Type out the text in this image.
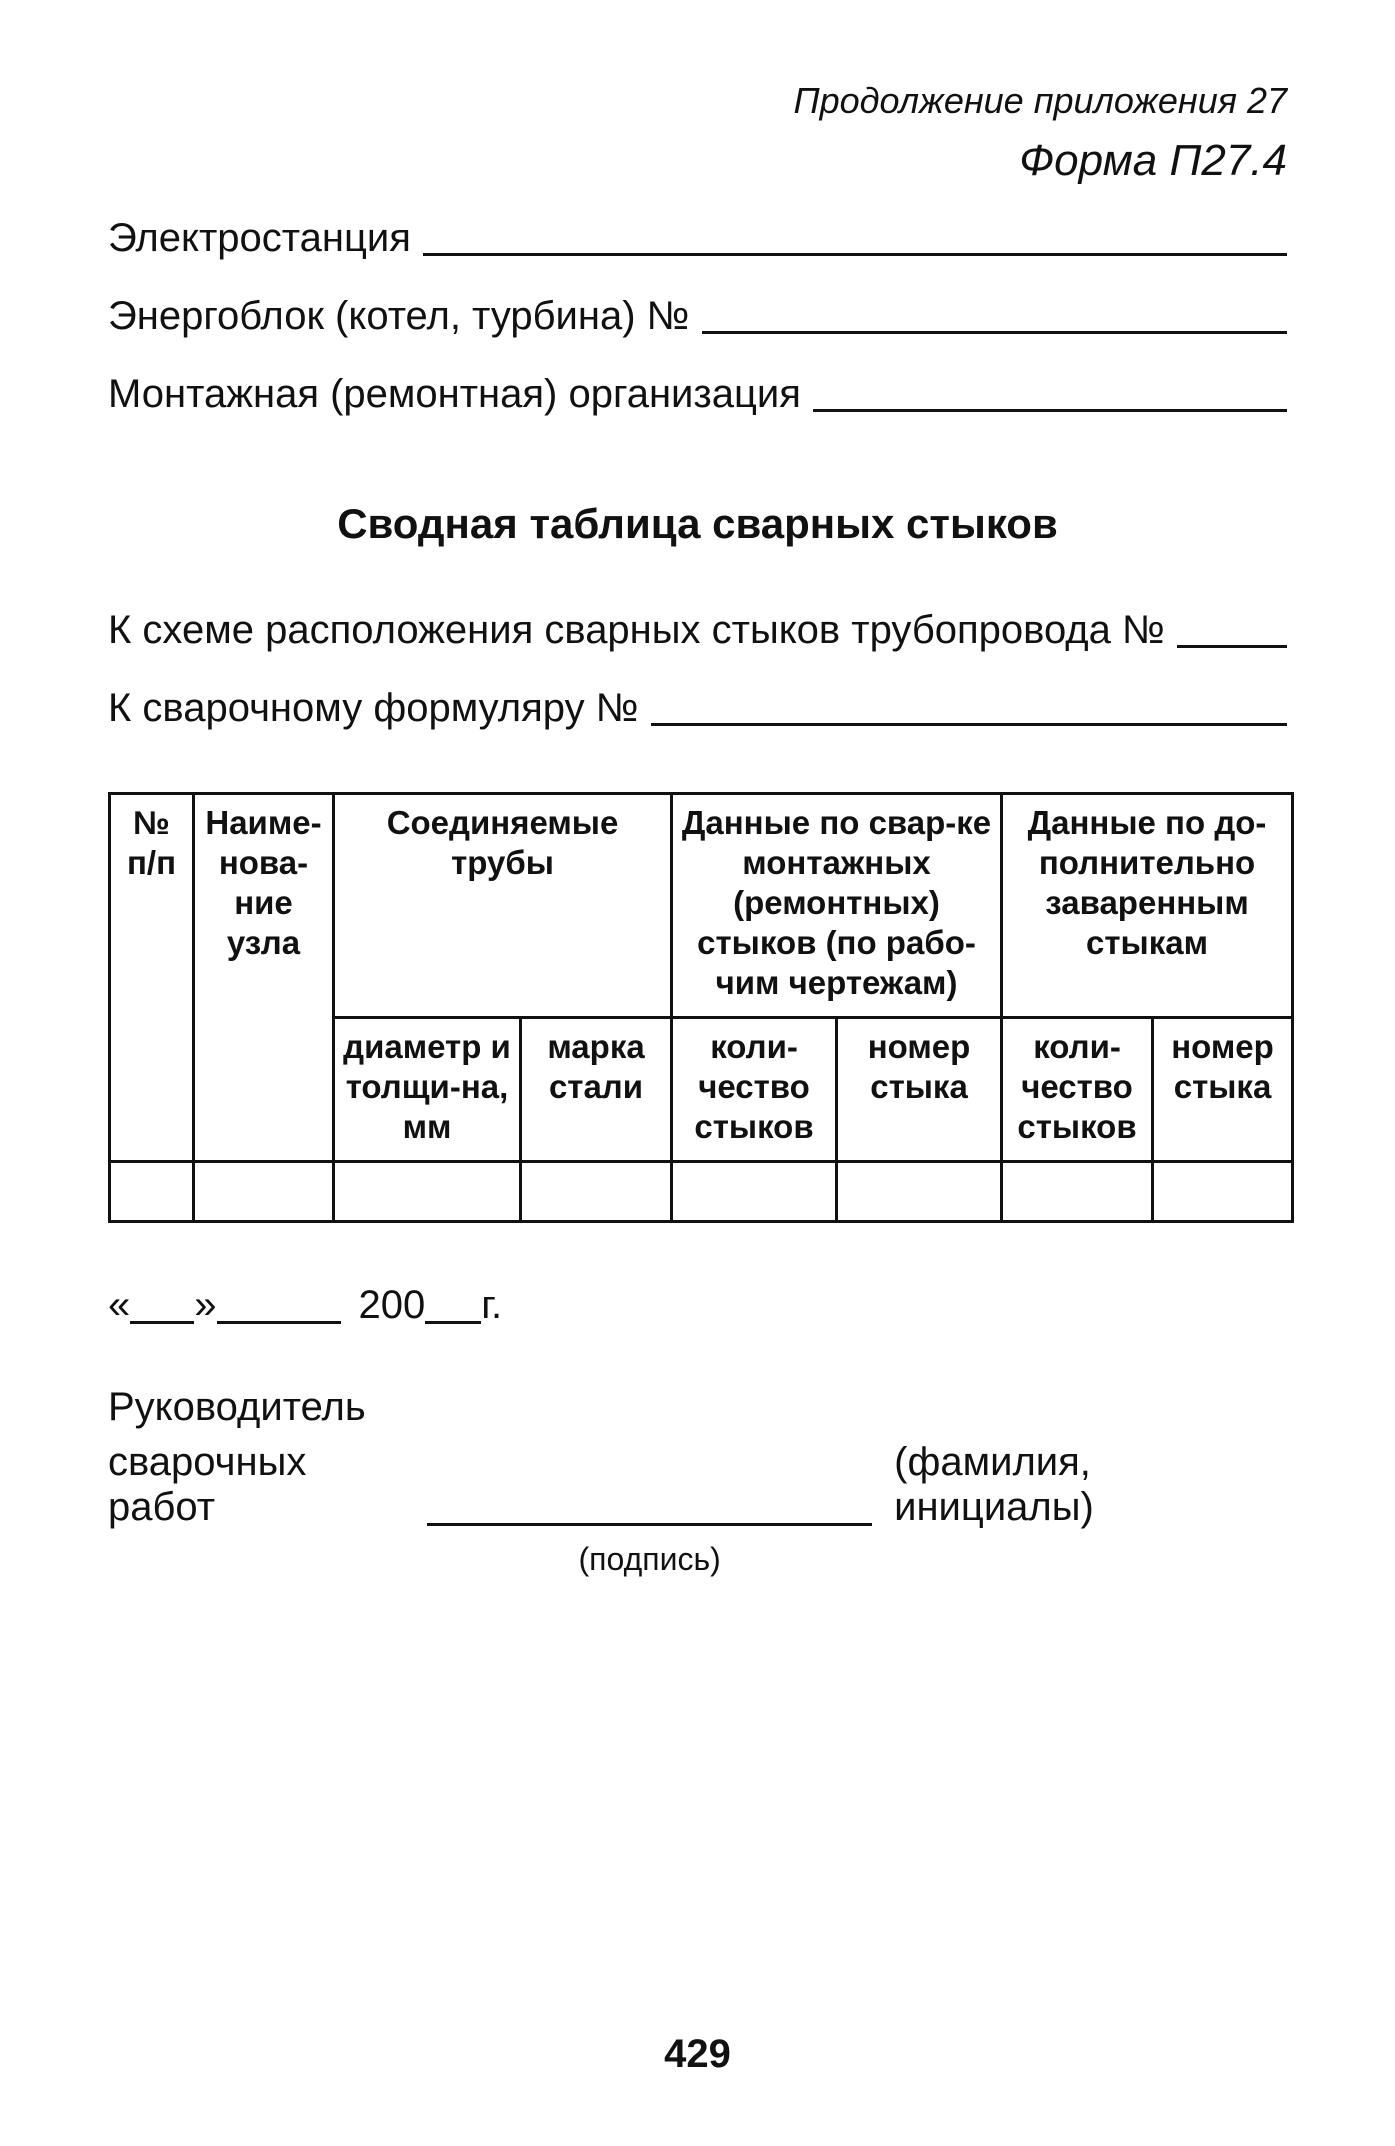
Продолжение приложения 27
Форма П27.4
Электростанция
Энергоблок (котел, турбина) №
Монтажная (ремонтная) организация
Сводная таблица сварных стыков
К схеме расположения сварных стыков трубопровода №
К сварочному формуляру №
№ п/п	Наиме-нова-ние узла	Соединяемые трубы		Данные по свар-кe монтажных (ремонтных) стыков (по рабо-чим чертежам)		Данные по до-полнительно заваренным стыкам	
		диаметр и толщи-на, мм	марка стали	коли-чество стыков	номер стыка	коли-чество стыков	номер стыка

« »	200 г.
Руководитель
сварочных работ
(подпись)
(фамилия, инициалы)
429
